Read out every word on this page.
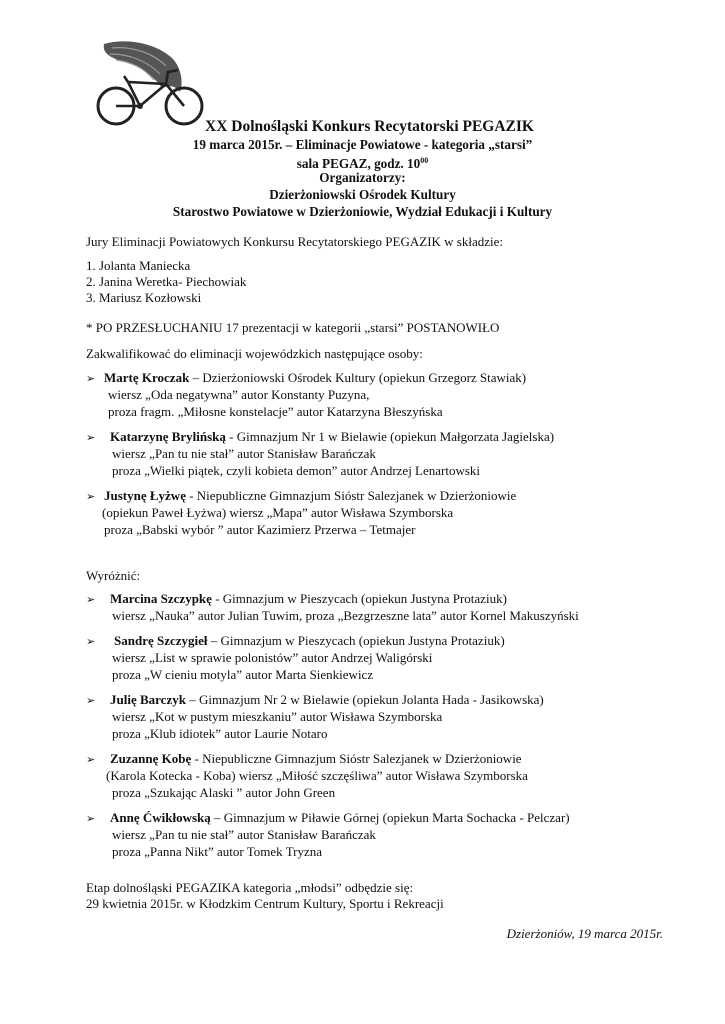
XX Dolnośląski Konkurs Recytatorski PEGAZIK
19 marca 2015r. – Eliminacje Powiatowe - kategoria „starsi”
sala PEGAZ, godz. $10^{00}$
Organizatorzy:
Dzierżoniowski Ośrodek Kultury
Starostwo Powiatowe w Dzierżoniowie, Wydział Edukacji i Kultury
Jury Eliminacji Powiatowych Konkursu Recytatorskiego PEGAZIK w składzie:
1. Jolanta Maniecka
2. Janina Weretka- Piechowiak
3. Mariusz Kozłowski
* PO PRZESŁUCHANIU 17 prezentacji w kategorii „starsi” POSTANOWIŁO
Zakwalifikować do eliminacji wojewódzkich następujące osoby:
➢ Martę Kroczak – Dzierżoniowski Ośrodek Kultury (opiekun Grzegorz Stawiak)
wiersz „Oda negatywna” autor Konstanty Puzyna,
proza fragm. „Miłosne konstelacje” autor Katarzyna Błeszyńska
➢ Katarzynę Brylińską - Gimnazjum Nr 1 w Bielawie (opiekun Małgorzata Jagielska)
wiersz „Pan tu nie stał” autor Stanisław Barańczak
proza „Wielki piątek, czyli kobieta demon” autor Andrzej Lenartowski
➢ Justynę Łyżwę - Niepubliczne Gimnazjum Sióstr Salezjanek w Dzierżoniowie
(opiekun Paweł Łyżwa) wiersz „Mapa” autor Wisława Szymborska
proza „Babski wybór ” autor Kazimierz Przerwa – Tetmajer
Wyróżnić:
➢ Marcina Szczypkę - Gimnazjum w Pieszycach (opiekun Justyna Protaziuk)
wiersz „Nauka” autor Julian Tuwim, proza „Bezgrzeszne lata” autor Kornel Makuszyński
➢ Sandrę Szczygieł – Gimnazjum w Pieszycach (opiekun Justyna Protaziuk)
wiersz „List w sprawie polonistów” autor Andrzej Waligórski
proza „W cieniu motyla” autor Marta Sienkiewicz
➢ Julię Barczyk – Gimnazjum Nr 2 w Bielawie (opiekun Jolanta Hada - Jasikowska)
wiersz „Kot w pustym mieszkaniu” autor Wisława Szymborska
proza „Klub idiotek” autor Laurie Notaro
➢ Zuzannę Kobę - Niepubliczne Gimnazjum Sióstr Salezjanek w Dzierżoniowie
(Karola Kotecka - Koba) wiersz „Miłość szczęśliwa” autor Wisława Szymborska
proza „Szukając Alaski ” autor John Green
➢ Annę Ćwikłowską – Gimnazjum w Piławie Górnej (opiekun Marta Sochacka - Pelczar)
wiersz „Pan tu nie stał” autor Stanisław Barańczak
proza „Panna Nikt” autor Tomek Tryzna
Etap dolnośląski PEGAZIKA kategoria „młodsi” odbędzie się:
29 kwietnia 2015r. w Kłodzkim Centrum Kultury, Sportu i Rekreacji
Dzierżoniów, 19 marca 2015r.
